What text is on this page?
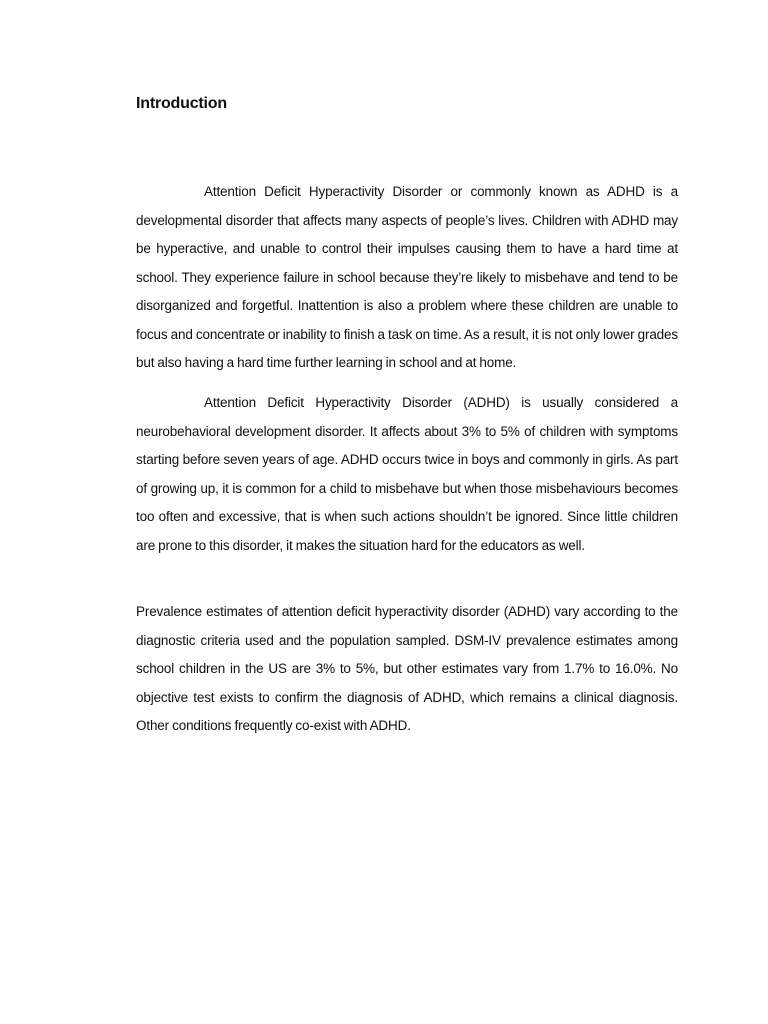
Introduction

Attention Deficit Hyperactivity Disorder or commonly known as ADHD is a developmental disorder that affects many aspects of people’s lives. Children with ADHD may be hyperactive, and unable to control their impulses causing them to have a hard time at school. They experience failure in school because they’re likely to misbehave and tend to be disorganized and forgetful. Inattention is also a problem where these children are unable to focus and concentrate or inability to finish a task on time. As a result, it is not only lower grades but also having a hard time further learning in school and at home.

Attention Deficit Hyperactivity Disorder (ADHD) is usually considered a neurobehavioral development disorder. It affects about 3% to 5% of children with symptoms starting before seven years of age. ADHD occurs twice in boys and commonly in girls. As part of growing up, it is common for a child to misbehave but when those misbehaviours becomes too often and excessive, that is when such actions shouldn’t be ignored. Since little children are prone to this disorder, it makes the situation hard for the educators as well.

Prevalence estimates of attention deficit hyperactivity disorder (ADHD) vary according to the diagnostic criteria used and the population sampled. DSM-IV prevalence estimates among school children in the US are 3% to 5%, but other estimates vary from 1.7% to 16.0%. No objective test exists to confirm the diagnosis of ADHD, which remains a clinical diagnosis. Other conditions frequently co-exist with ADHD.
